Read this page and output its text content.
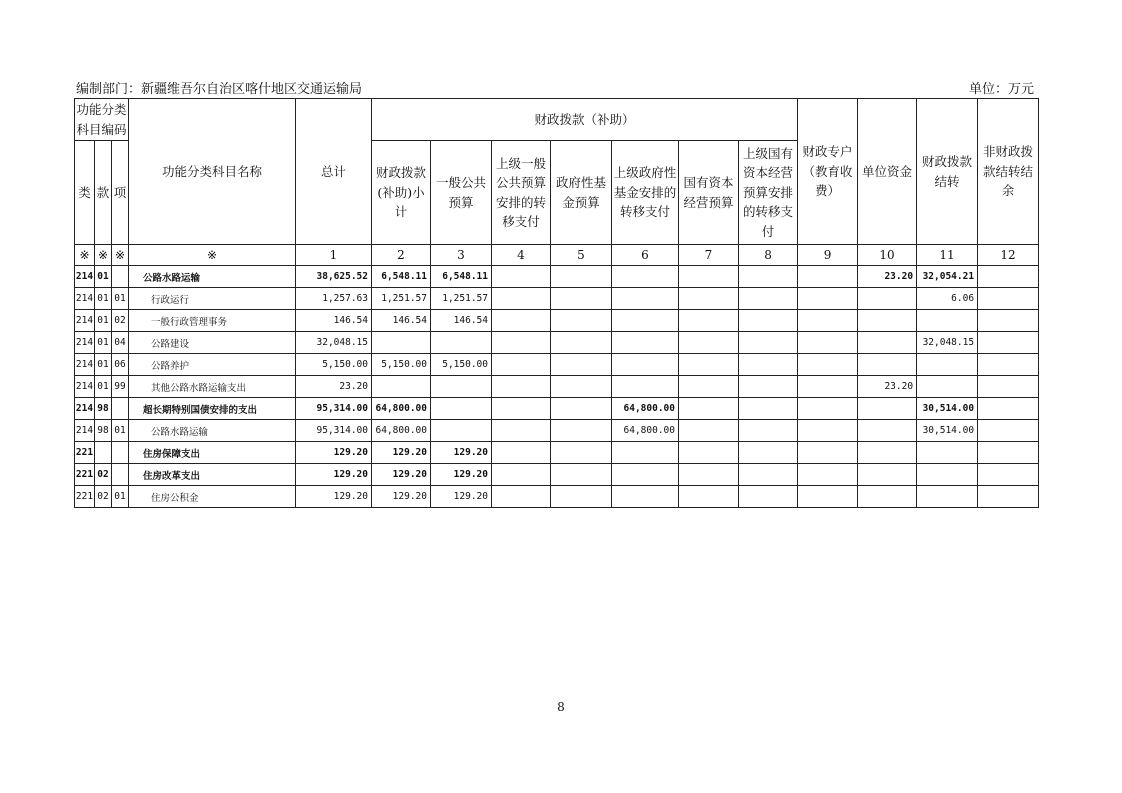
编制部门：新疆维吾尔自治区喀什地区交通运输局	单位：万元
功能分类科目编码			功能分类科目名称	总计	财政拨款（补助）							财政专户（教育收费）	单位资金	财政拨款结转	非财政拨款结转结余
类	款	项			财政拨款(补助)小计	一般公共预算	上级一般公共预算安排的转移支付	政府性基金预算	上级政府性基金安排的转移支付	国有资本经营预算	上级国有资本经营预算安排的转移支付				
※	※	※	※	1	2	3	4	5	6	7	8	9	10	11	12
214	01		公路水路运输	38,625.52	6,548.11	6,548.11							23.20	32,054.21	
214	01	01	行政运行	1,257.63	1,251.57	1,251.57								6.06	
214	01	02	一般行政管理事务	146.54	146.54	146.54									
214	01	04	公路建设	32,048.15										32,048.15	
214	01	06	公路养护	5,150.00	5,150.00	5,150.00									
214	01	99	其他公路水路运输支出	23.20									23.20		
214	98		超长期特别国债安排的支出	95,314.00	64,800.00				64,800.00					30,514.00	
214	98	01	公路水路运输	95,314.00	64,800.00				64,800.00					30,514.00	
221			住房保障支出	129.20	129.20	129.20									
221	02		住房改革支出	129.20	129.20	129.20									
221	02	01	住房公积金	129.20	129.20	129.20									
8
